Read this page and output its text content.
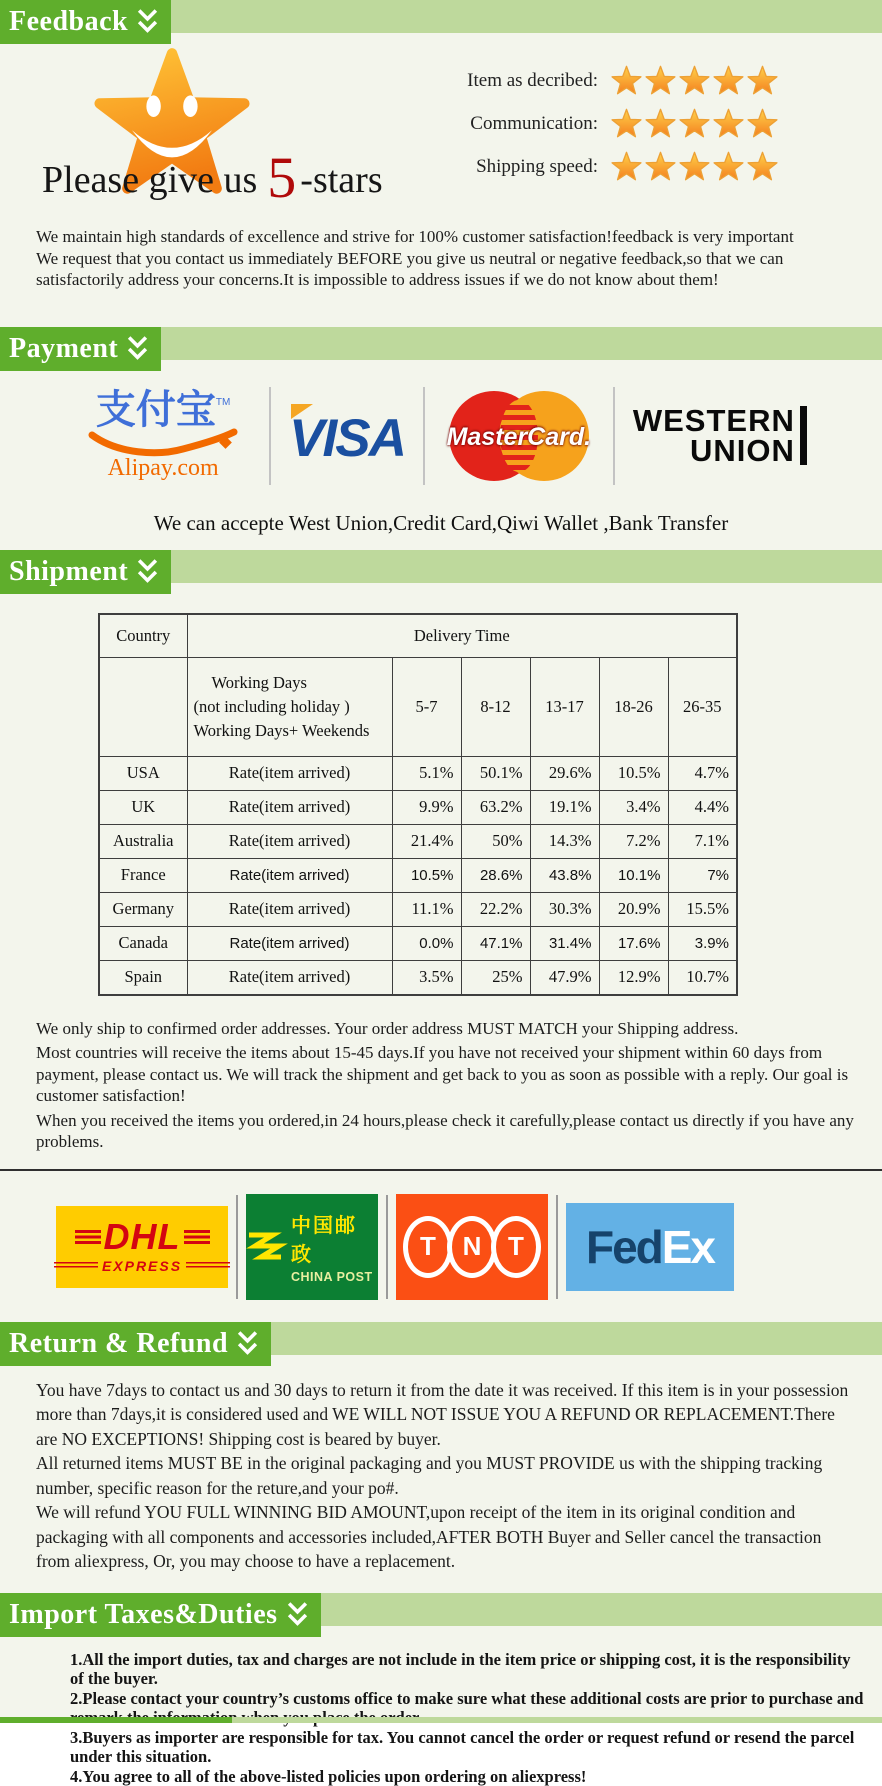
Feedback
Please give us 5 -stars
Item as decribed:
Communication:
Shipping speed:
We maintain high standards of excellence and strive for 100% customer satisfaction!feedback is very important
We request that you contact us immediately BEFORE you give us neutral or negative feedback,so that we can
satisfactorily address your concerns.It is impossible to address issues if we do not know about them!
Payment
支付宝™
Alipay.com VISA MasterCard. WESTERN
UNION
We can accepte West Union,Credit Card,Qiwi Wallet ,Bank Transfer
Shipment
Country	Delivery Time					

	Working Days
(not including holiday )
Working Days+ Weekends	5-7	8-12	13-17	18-26	26-35
USA	Rate(item arrived)	5.1%	50.1%	29.6%	10.5%	4.7%
UK	Rate(item arrived)	9.9%	63.2%	19.1%	3.4%	4.4%
Australia	Rate(item arrived)	21.4%	50%	14.3%	7.2%	7.1%
France	Rate(item arrived)	10.5%	28.6%	43.8%	10.1%	7%
Germany	Rate(item arrived)	11.1%	22.2%	30.3%	20.9%	15.5%
Canada	Rate(item arrived)	0.0%	47.1%	31.4%	17.6%	3.9%
Spain	Rate(item arrived)	3.5%	25%	47.9%	12.9%	10.7%

We only ship to confirmed order addresses. Your order address MUST MATCH your Shipping address.

Most countries will receive the items about 15-45 days.If you have not received your shipment within 60 days from payment, please contact us. We will track the shipment and get back to you as soon as possible with a reply. Our goal is customer satisfaction!

When you received the items you ordered,in 24 hours,please check it carefully,please contact us directly if you have any problems.

DHL
EXPRESS
中国邮政
CHINA POST
T N T Fed Ex
Return & Refund

You have 7days to contact us and 30 days to return it from the date it was received. If this item is in your possession more than 7days,it is considered used and WE WILL NOT ISSUE YOU A REFUND OR REPLACEMENT.There are NO EXCEPTIONS! Shipping cost is beared by buyer.

All returned items MUST BE in the original packaging and you MUST PROVIDE us with the shipping tracking number, specific reason for the reture,and your po#.

We will refund YOU FULL WINNING BID AMOUNT,upon receipt of the item in its original condition and packaging with all components and accessories included,AFTER BOTH Buyer and Seller cancel the transaction from aliexpress, Or, you may choose to have a replacement.

Import Taxes&Duties
1.All the import duties, tax and charges are not include in the item price or shipping cost, it is the responsibility of the buyer.
2.Please contact your country’s customs office to make sure what these additional costs are prior to purchase and
3.Buyers as importer are responsible for tax. You cannot cancel the order or request refund or resend the parcel under this situation.
4.You agree to all of the above-listed policies upon ordering on aliexpress!
